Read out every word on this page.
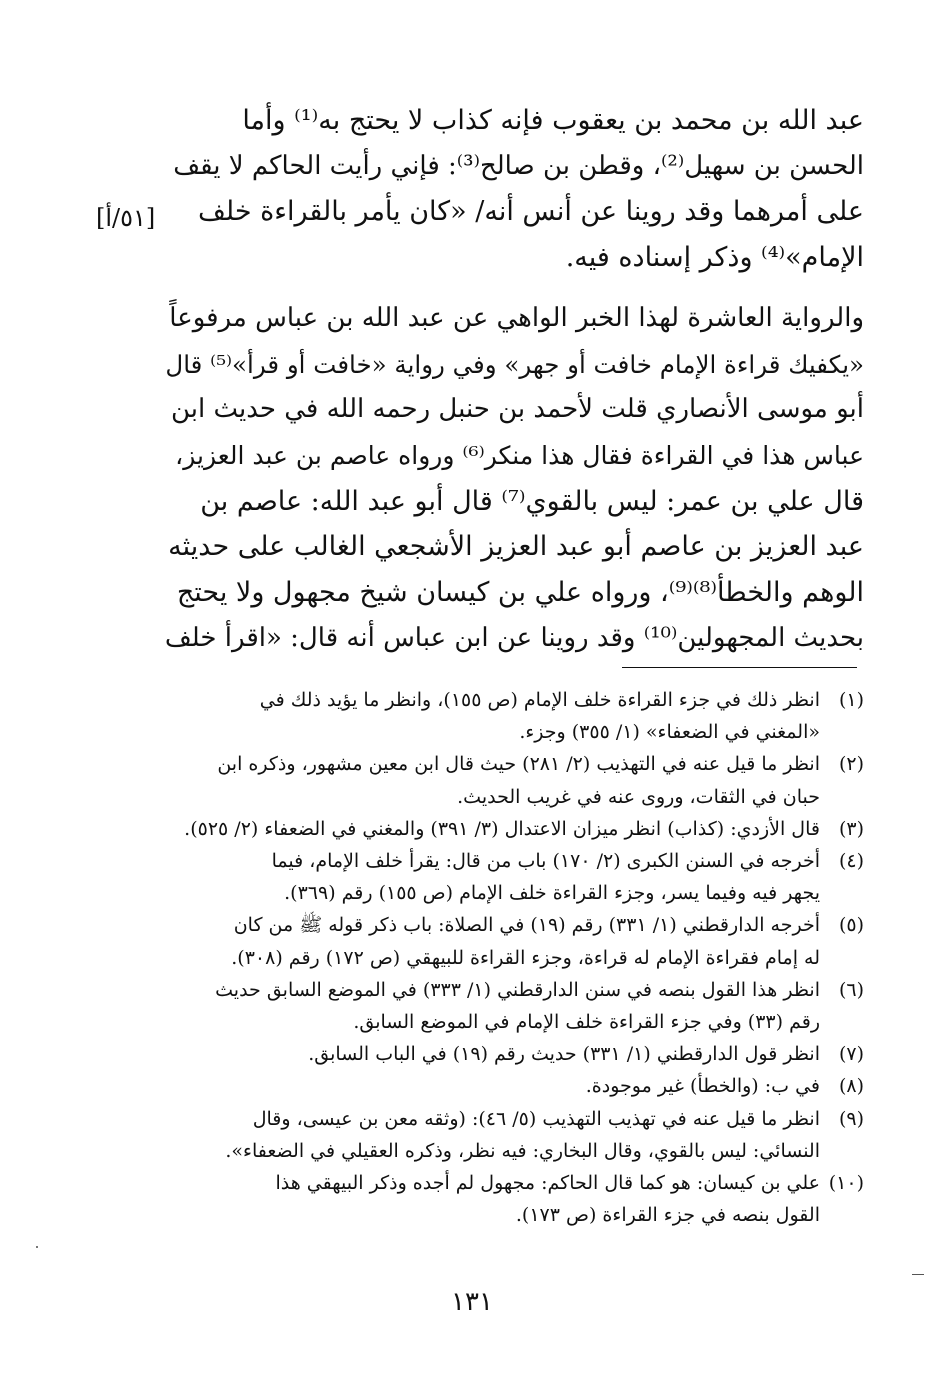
عبد الله بن محمد بن يعقوب فإنه كذاب لا يحتج به⁽¹⁾ وأما
الحسن بن سهيل⁽²⁾، وقطن بن صالح⁽³⁾: فإني رأيت الحاكم لا يقف
على أمرهما وقد روينا عن أنس أنه/ «كان يأمر بالقراءة خلف
الإمام»⁽⁴⁾ وذكر إسناده فيه.
[٥١/أ]
والرواية العاشرة لهذا الخبر الواهي عن عبد الله بن عباس مرفوعاً
«يكفيك قراءة الإمام خافت أو جهر» وفي رواية «خافت أو قرأ»⁽⁵⁾ قال
أبو موسى الأنصاري قلت لأحمد بن حنبل رحمه الله في حديث ابن
عباس هذا في القراءة فقال هذا منكر⁽⁶⁾ ورواه عاصم بن عبد العزيز،
قال علي بن عمر: ليس بالقوي⁽⁷⁾ قال أبو عبد الله: عاصم بن
عبد العزيز بن عاصم أبو عبد العزيز الأشجعي الغالب على حديثه
الوهم والخطأ⁽⁸⁾⁽⁹⁾، ورواه علي بن كيسان شيخ مجهول ولا يحتج
بحديث المجهولين⁽¹⁰⁾ وقد روينا عن ابن عباس أنه قال: «اقرأ خلف
(١)
انظر ذلك في جزء القراءة خلف الإمام (ص ١٥٥)، وانظر ما يؤيد ذلك في
«المغني في الضعفاء» (١/ ٣٥٥) وجزء.
(٢)
انظر ما قيل عنه في التهذيب (٢/ ٢٨١) حيث قال ابن معين مشهور، وذكره ابن
حبان في الثقات، وروى عنه في غريب الحديث.
(٣)
قال الأزدي: (كذاب) انظر ميزان الاعتدال (٣/ ٣٩١) والمغني في الضعفاء (٢/ ٥٢٥).
(٤)
أخرجه في السنن الكبرى (٢/ ١٧٠) باب من قال: يقرأ خلف الإمام، فيما
يجهر فيه وفيما يسر، وجزء القراءة خلف الإمام (ص ١٥٥) رقم (٣٦٩).
(٥)
أخرجه الدارقطني (١/ ٣٣١) رقم (١٩) في الصلاة: باب ذكر قوله ﷺ من كان
له إمام فقراءة الإمام له قراءة، وجزء القراءة للبيهقي (ص ١٧٢) رقم (٣٠٨).
(٦)
انظر هذا القول بنصه في سنن الدارقطني (١/ ٣٣٣) في الموضع السابق حديث
رقم (٣٣) وفي جزء القراءة خلف الإمام في الموضع السابق.
(٧)
انظر قول الدارقطني (١/ ٣٣١) حديث رقم (١٩) في الباب السابق.
(٨)
في ب: (والخطأ) غير موجودة.
(٩)
انظر ما قيل عنه في تهذيب التهذيب (٥/ ٤٦): (وثقه معن بن عيسى، وقال
النسائي: ليس بالقوي، وقال البخاري: فيه نظر، وذكره العقيلي في الضعفاء».
(١٠)
علي بن كيسان: هو كما قال الحاكم: مجهول لم أجده وذكر البيهقي هذا
القول بنصه في جزء القراءة (ص ١٧٣).
١٣١
